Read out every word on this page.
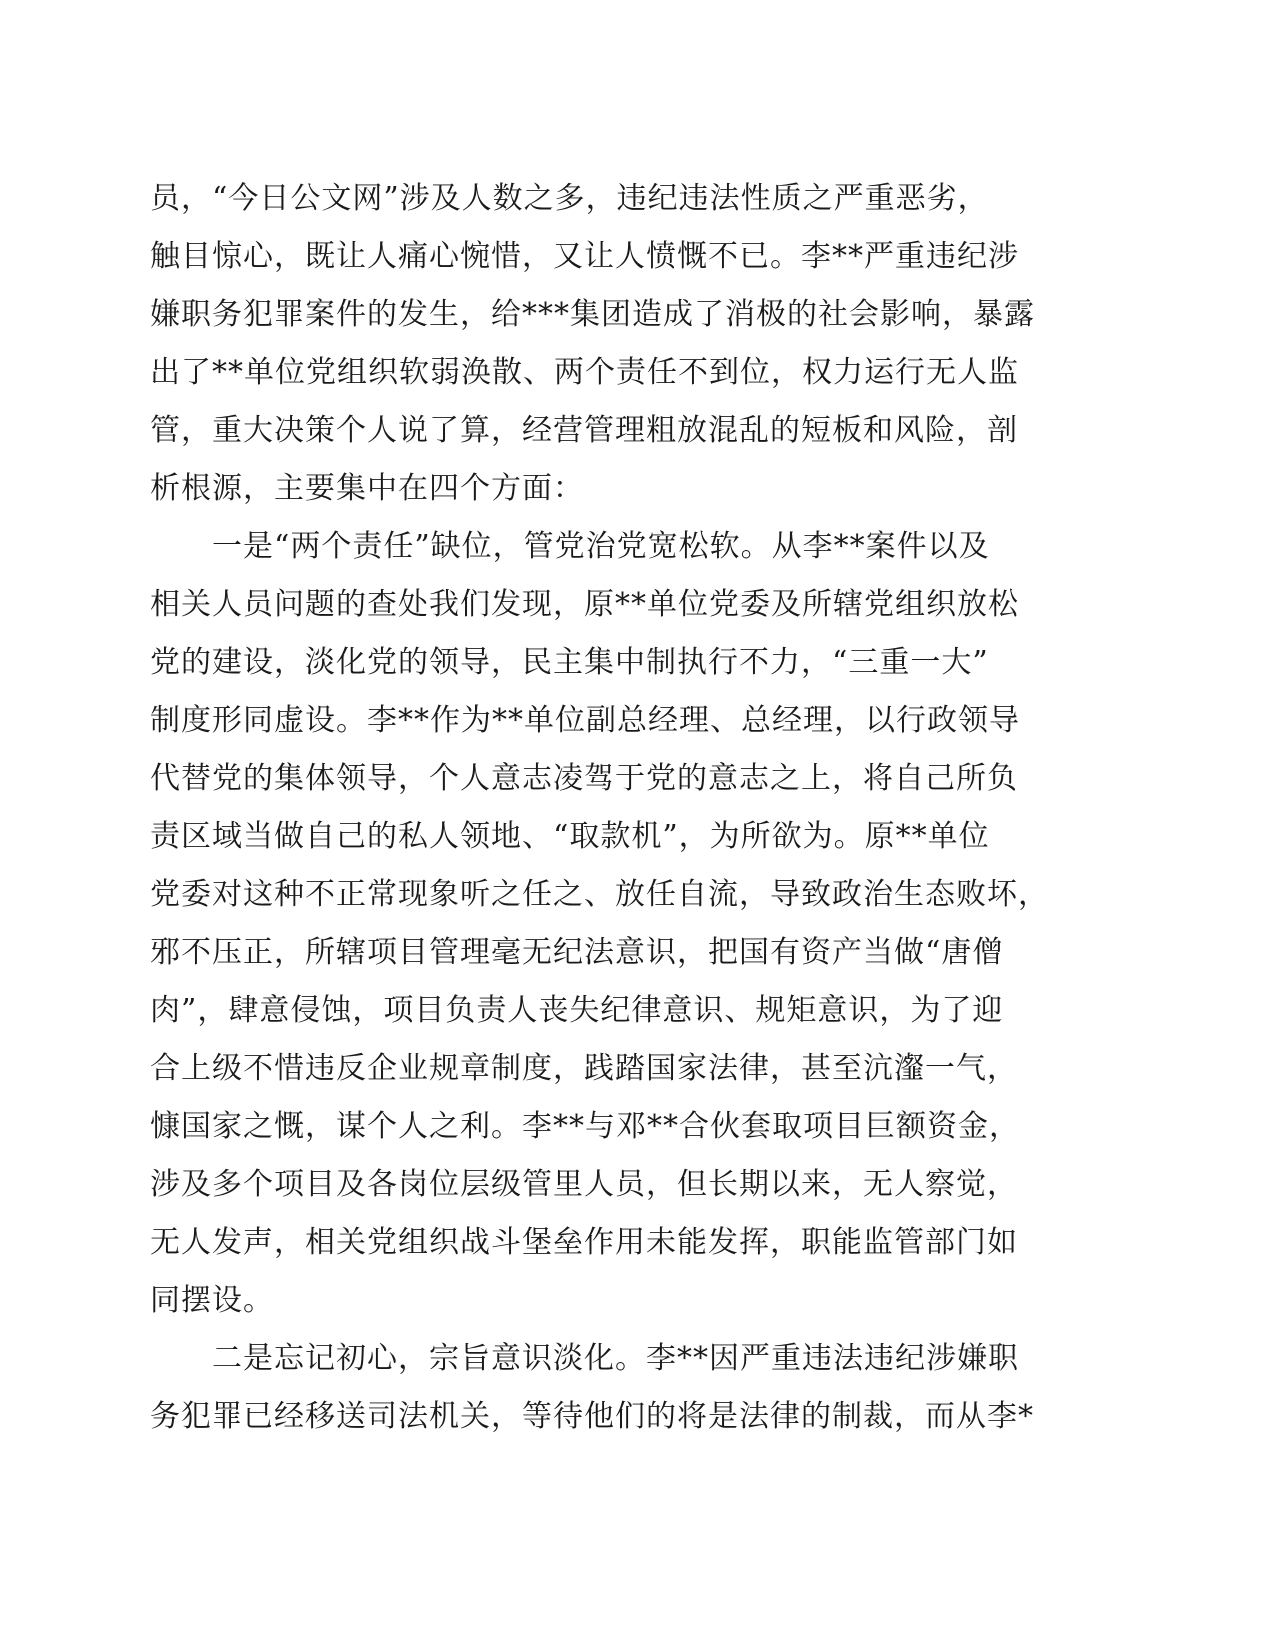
员，“今日公文网”涉及人数之多，违纪违法性质之严重恶劣，
触目惊心，既让人痛心惋惜，又让人愤慨不已。李**严重违纪涉
嫌职务犯罪案件的发生，给***集团造成了消极的社会影响，暴露
出了**单位党组织软弱涣散、两个责任不到位，权力运行无人监
管，重大决策个人说了算，经营管理粗放混乱的短板和风险，剖
析根源，主要集中在四个方面：
一是“两个责任”缺位，管党治党宽松软。从李**案件以及
相关人员问题的查处我们发现，原**单位党委及所辖党组织放松
党的建设，淡化党的领导，民主集中制执行不力，“三重一大”
制度形同虚设。李**作为**单位副总经理、总经理，以行政领导
代替党的集体领导，个人意志凌驾于党的意志之上，将自己所负
责区域当做自己的私人领地、“取款机”，为所欲为。原**单位
党委对这种不正常现象听之任之、放任自流，导致政治生态败坏，
邪不压正，所辖项目管理毫无纪法意识，把国有资产当做“唐僧
肉”，肆意侵蚀，项目负责人丧失纪律意识、规矩意识，为了迎
合上级不惜违反企业规章制度，践踏国家法律，甚至沆瀣一气，
慷国家之慨，谋个人之利。李**与邓**合伙套取项目巨额资金，
涉及多个项目及各岗位层级管里人员，但长期以来，无人察觉，
无人发声，相关党组织战斗堡垒作用未能发挥，职能监管部门如
同摆设。
二是忘记初心，宗旨意识淡化。李**因严重违法违纪涉嫌职
务犯罪已经移送司法机关，等待他们的将是法律的制裁，而从李*
